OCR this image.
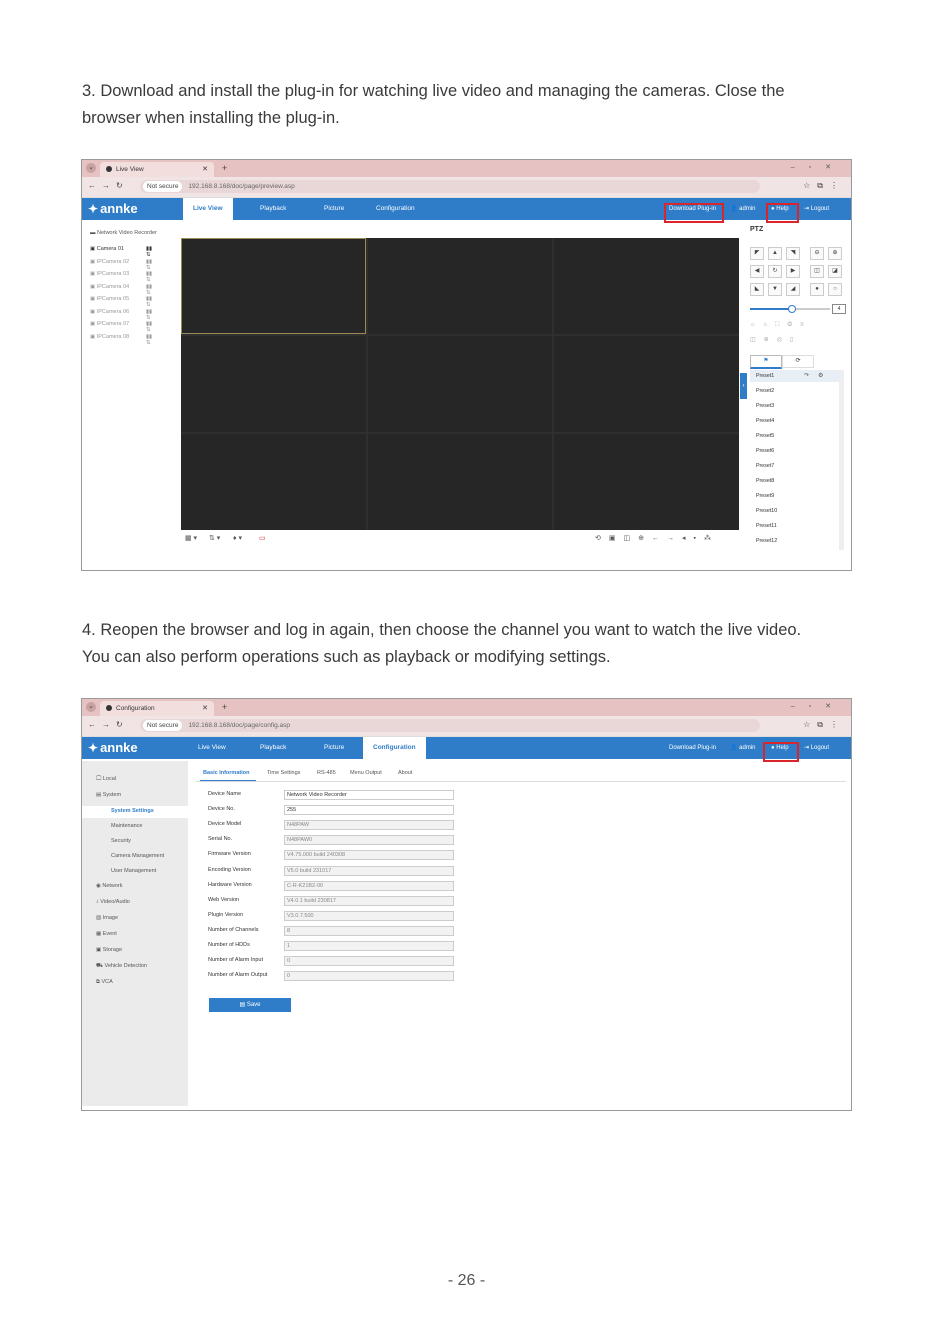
3. Download and install the plug-in for watching live video and managing the cameras. Close the
browser when installing the plug-in.
⌄	Live View	✕ +	–▫✕
←→↻	Not secure 192.168.8.168/doc/page/preview.asp	☆⧉⋮
✦ annke	Live View	Playback	Picture	Configuration	Download Plug-in 👤 admin	● Help	⇥ Logout
▬ Network Video Recorder
▣ Camera 01	▮▮ ⇅
▣ IPCamera 02	▮▮ ⇅
▣ IPCamera 03	▮▮ ⇅
▣ IPCamera 04	▮▮ ⇅
▣ IPCamera 05	▮▮ ⇅
▣ IPCamera 06	▮▮ ⇅
▣ IPCamera 07	▮▮ ⇅
▣ IPCamera 08	▮▮ ⇅
▦ ▾ ⇅ ▾ ♦ ▾ ▭	⟲▣◫⊕←→◂▪⁂
PTZ
◤	▲	◥
◀	↻	▶
◣	▼	◢
⊖	⊕
◫	◪
●	○
4
☼⌂⛶◎≡
◫⊕◎▯
⚑	⟳
↷ ⚙
Preset1
Preset2
Preset3
Preset4
Preset5
Preset6
Preset7
Preset8
Preset9
Preset10
Preset11
Preset12
‹
4. Reopen the browser and log in again, then choose the channel you want to watch the live video.
You can also perform operations such as playback or modifying settings.
⌄	Configuration	✕ +	–▫✕
←→↻	Not secure 192.168.8.168/doc/page/config.asp	☆⧉⋮
✦ annke	Live View	Playback	Picture	Configuration	Download Plug-in 👤 admin	● Help	⇥ Logout
🖵 Local
▤ System
System Settings
Maintenance
Security
Camera Management
User Management
◉ Network
♪ Video/Audio
▧ Image
▦ Event
▣ Storage
⛟ Vehicle Detection
⧉ VCA
Basic Information	Time Settings	RS-485	Menu Output	About
Device Name	Network Video Recorder
Device No.	255
Device Model	N48PAW
Serial No.	N48PAW0
Firmware Version	V4.75.000 build 240308
Encoding Version	V5.0 build 231017
Hardware Version	C-R-K21B2-00
Web Version	V4.0.1 build 230817
Plugin Version	V3.0.7.500
Number of Channels	8
Number of HDDs	1
Number of Alarm Input	0
Number of Alarm Output	0
▤ Save
- 26 -
